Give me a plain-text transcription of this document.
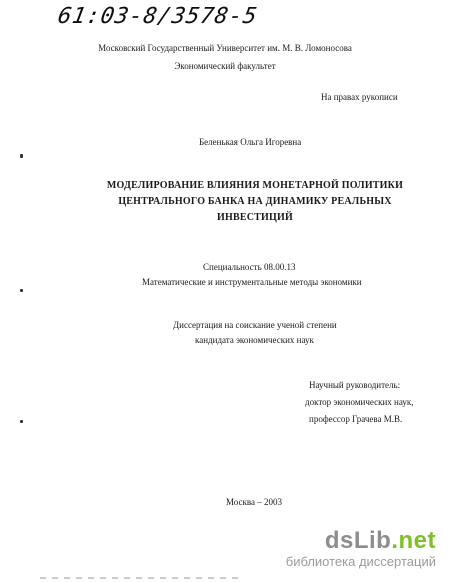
61:03-8/3578-5
Московский Государственный Университет им. М. В. Ломоносова
Экономический факультет
На правах рукописи
Беленькая Ольга Игоревна
МОДЕЛИРОВАНИЕ ВЛИЯНИЯ МОНЕТАРНОЙ ПОЛИТИКИ
ЦЕНТРАЛЬНОГО БАНКА НА ДИНАМИКУ РЕАЛЬНЫХ
ИНВЕСТИЦИЙ
Специальность 08.00.13
Математические и инструментальные методы экономики
Диссертация на соискание ученой степени
кандидата экономических наук
Научный руководитель:
доктор экономических наук,
профессор Грачева М.В.
Москва – 2003
dsLib.net
библиотека диссертаций
